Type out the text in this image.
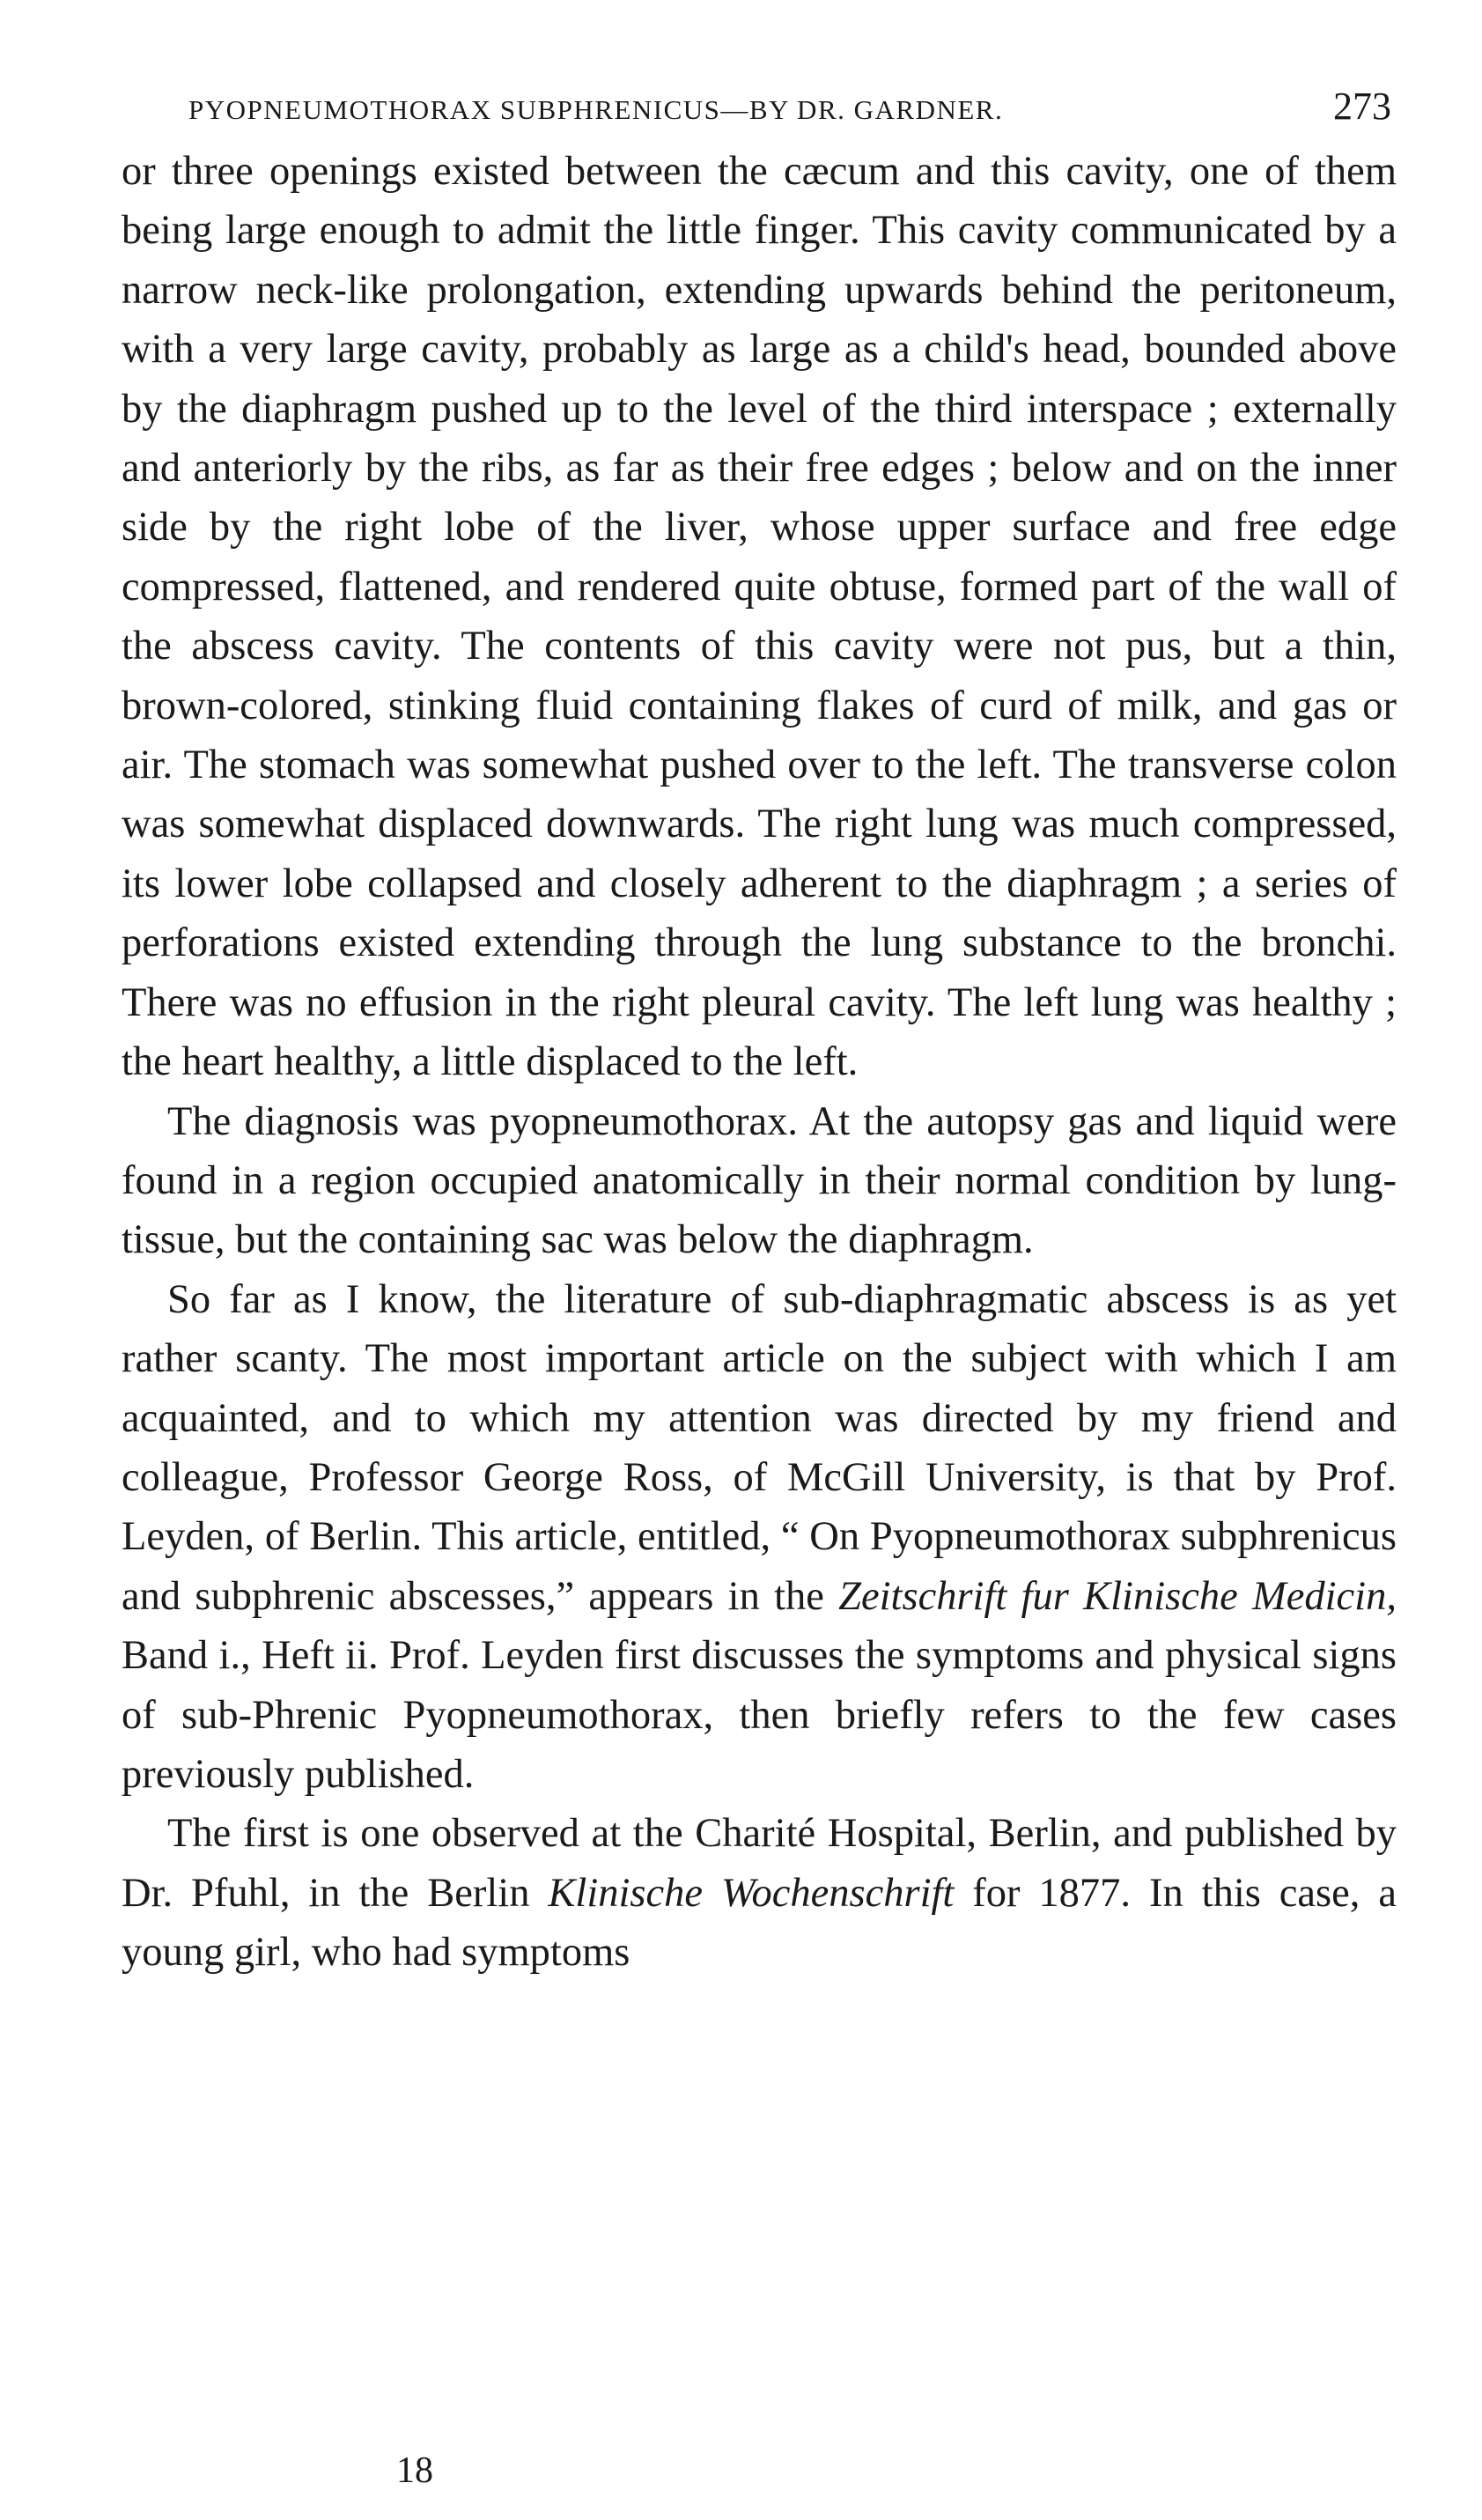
PYOPNEUMOTHORAX SUBPHRENICUS—BY DR. GARDNER.	273

or three openings existed between the cæcum and this cavity, one of them being large enough to admit the little finger. This cavity communicated by a narrow neck-like prolongation, extending upwards behind the peritoneum, with a very large cavity, probably as large as a child's head, bounded above by the diaphragm pushed up to the level of the third interspace ; externally and anteriorly by the ribs, as far as their free edges ; below and on the inner side by the right lobe of the liver, whose upper surface and free edge compressed, flattened, and rendered quite obtuse, formed part of the wall of the abscess cavity. The contents of this cavity were not pus, but a thin, brown-colored, stinking fluid containing flakes of curd of milk, and gas or air. The stomach was somewhat pushed over to the left. The transverse colon was somewhat displaced downwards. The right lung was much compressed, its lower lobe collapsed and closely adherent to the diaphragm ; a series of perforations existed extending through the lung substance to the bronchi. There was no effusion in the right pleural cavity. The left lung was healthy ; the heart healthy, a little displaced to the left.

The diagnosis was pyopneumothorax. At the autopsy gas and liquid were found in a region occupied anatomically in their normal condition by lung-tissue, but the containing sac was below the diaphragm.

So far as I know, the literature of sub-diaphragmatic abscess is as yet rather scanty. The most important article on the subject with which I am acquainted, and to which my attention was directed by my friend and colleague, Professor George Ross, of McGill University, is that by Prof. Leyden, of Berlin. This article, entitled, “ On Pyopneumothorax subphrenicus and subphrenic abscesses,” appears in the Zeitschrift fur Klinische Medicin, Band i., Heft ii. Prof. Leyden first discusses the symptoms and physical signs of sub-Phrenic Pyopneumothorax, then briefly refers to the few cases previously published.

The first is one observed at the Charité Hospital, Berlin, and published by Dr. Pfuhl, in the Berlin Klinische Wochenschrift for 1877. In this case, a young girl, who had symptoms

18
